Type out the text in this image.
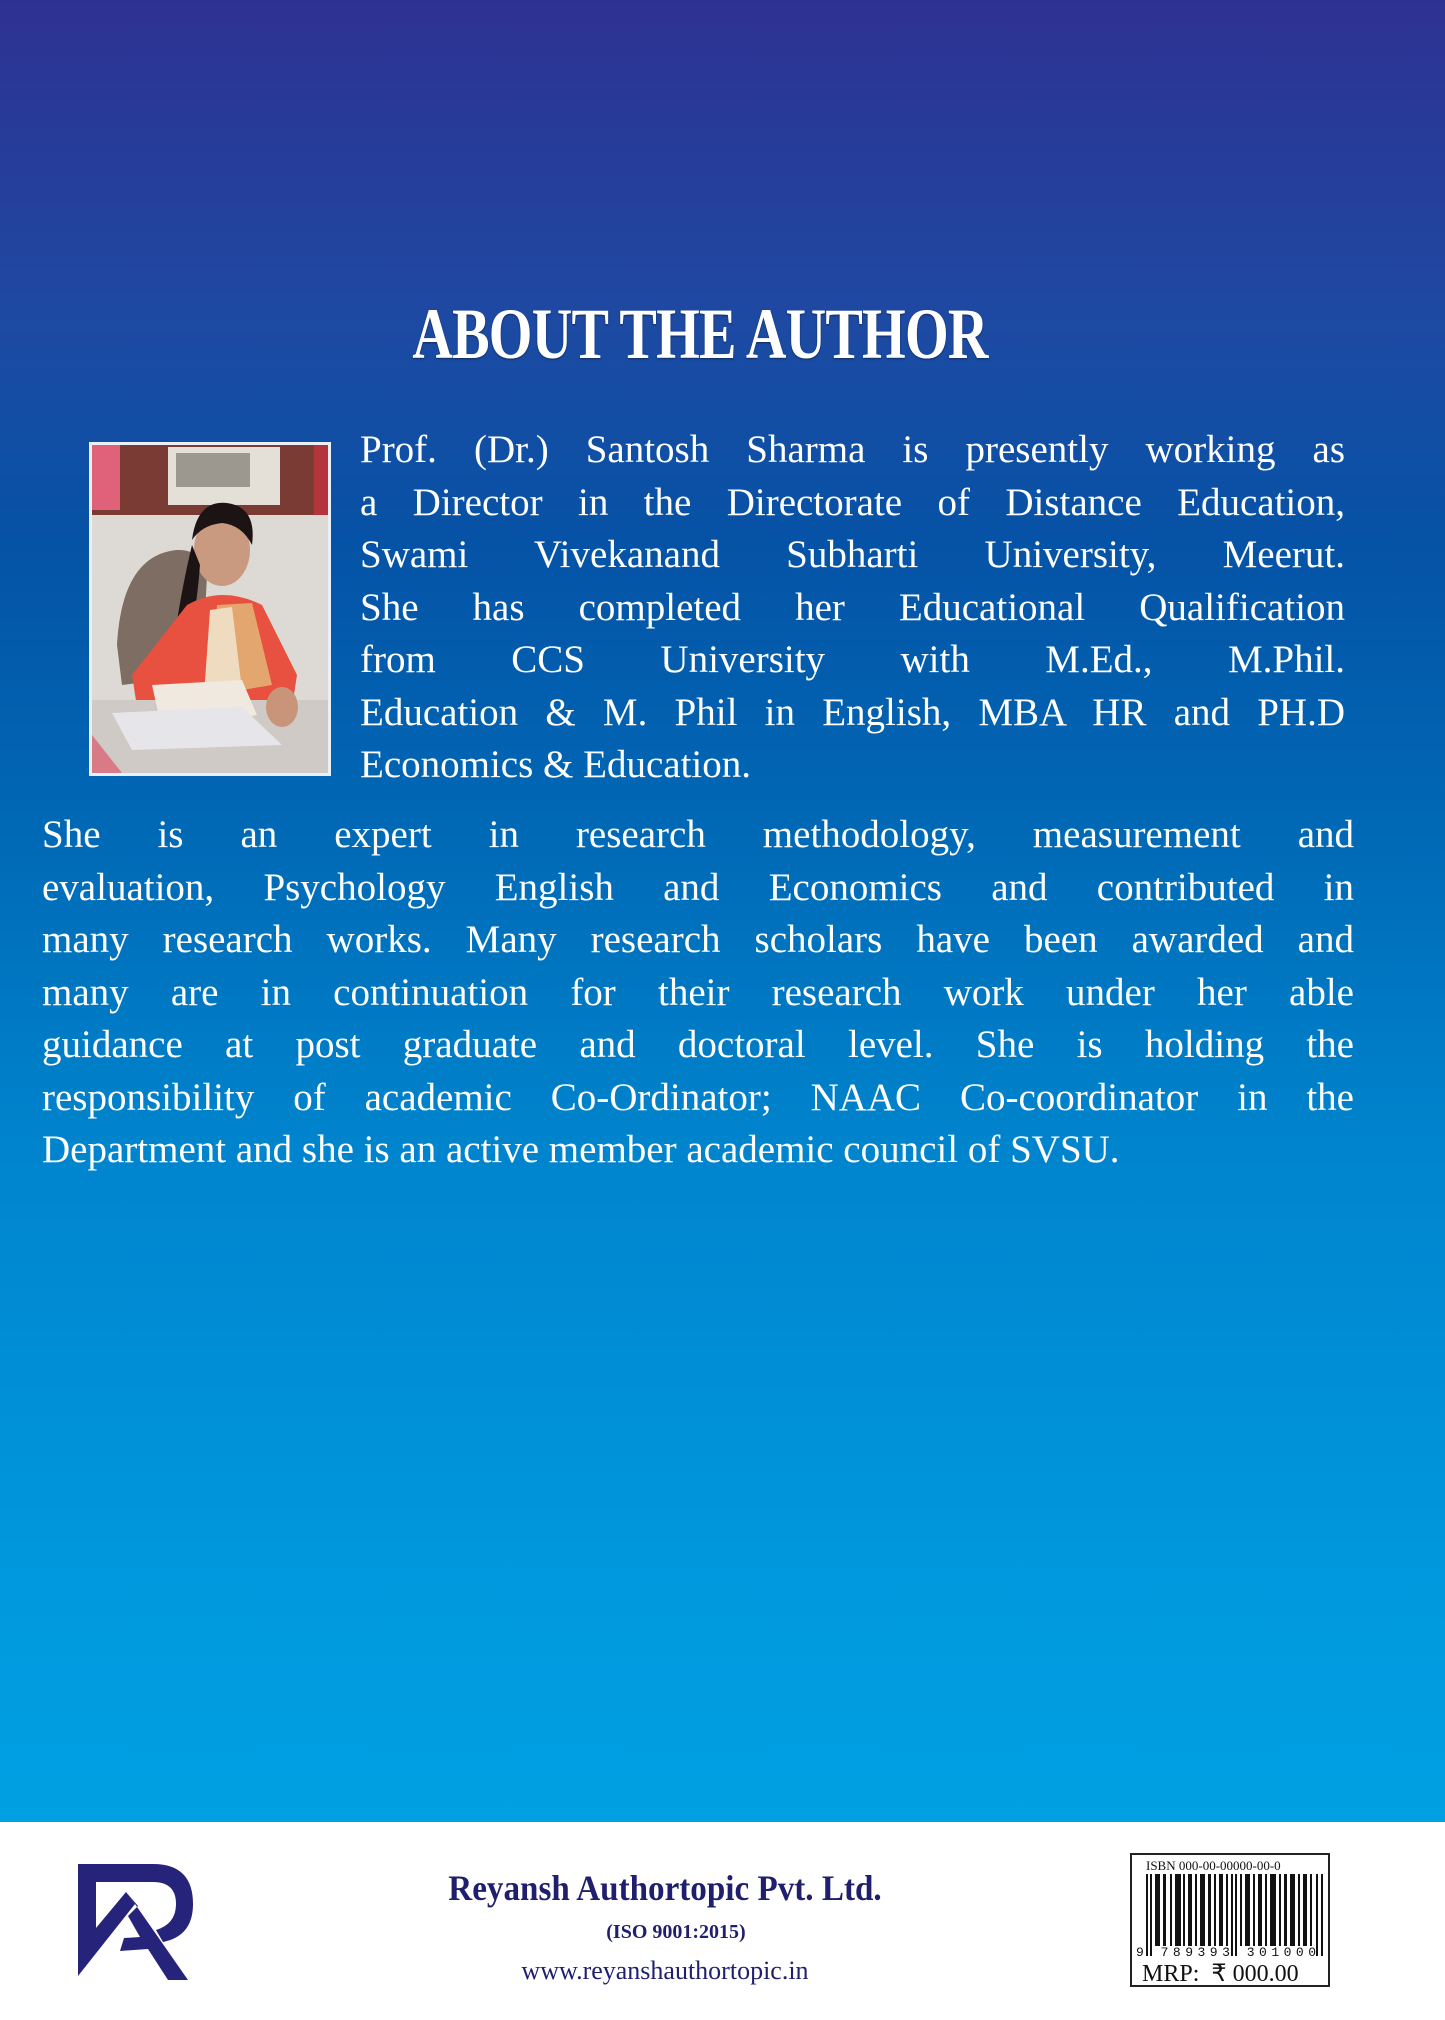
ABOUT THE AUTHOR
Prof. (Dr.) Santosh Sharma is presently working as
a Director in the Directorate of Distance Education,
Swami Vivekanand Subharti University, Meerut.
She has completed her Educational Qualification
from CCS University with M.Ed., M.Phil.
Education & M. Phil in English, MBA HR and PH.D
Economics & Education.
She is an expert in research methodology, measurement and
evaluation, Psychology English and Economics and contributed in
many research works. Many research scholars have been awarded and
many are in continuation for their research work under her able
guidance at post graduate and doctoral level. She is holding the
responsibility of academic Co-Ordinator; NAAC Co-coordinator in the
Department and she is an active member academic council of SVSU.
Reyansh Authortopic Pvt. Ltd.
(ISO 9001:2015)
www.reyanshauthortopic.in
ISBN 000-00-00000-00-0
9 789393 301000
MRP: ₹ 000.00
